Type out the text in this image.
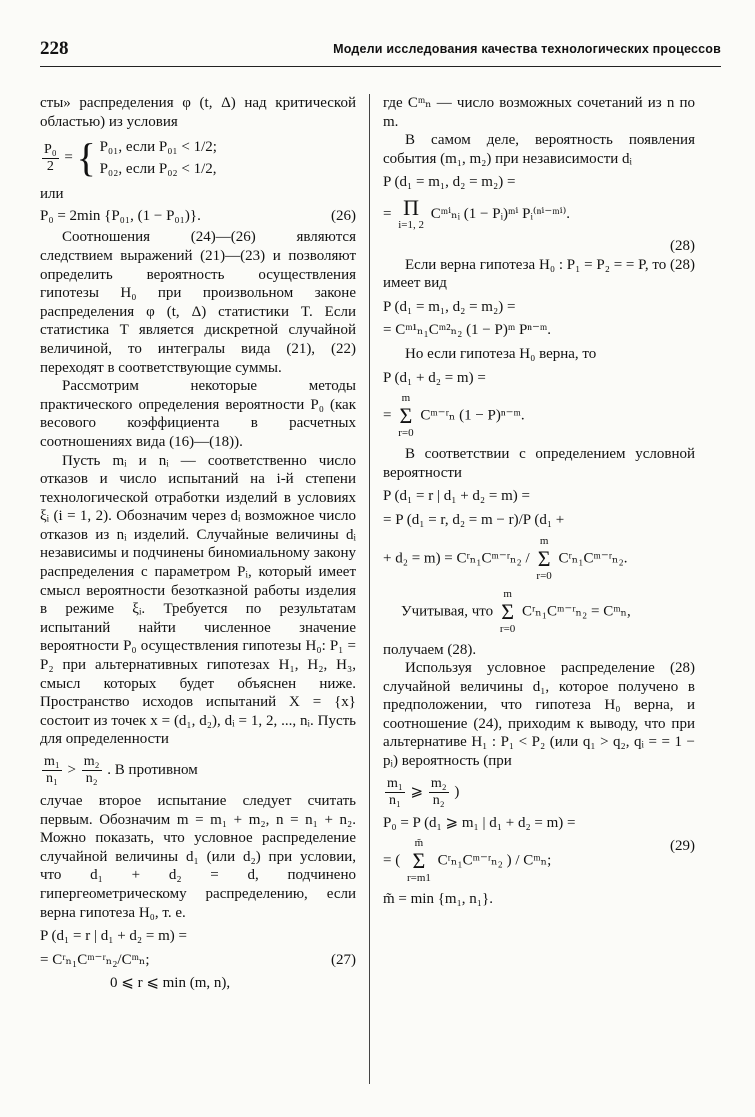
228	Модели исследования качества технологических процессов

сты» распределения φ (t, Δ) над критической областью) из условия

$\frac{\text{P₀}}{2}$ = { P₀₁, если P₀₁ < 1/2;
P₀₂, если P₀₂ < 1/2,

или

P₀ = 2min {P₀₁, (1 − P₀₁)}.	(26)

Соотношения (24)—(26) являются следствием выражений (21)—(23) и позволяют определить вероятность осуществления гипотезы H₀ при произвольном законе распределения φ (t, Δ) статистики T. Если статистика T является дискретной случайной величиной, то интегралы вида (21), (22) переходят в соответствующие суммы.

Рассмотрим некоторые методы практического определения вероятности P₀ (как весового коэффициента в расчетных соотношениях вида (16)—(18)).

Пусть mᵢ и nᵢ — соответственно число отказов и число испытаний на i-й степени технологической отработки изделий в условиях ξᵢ (i = 1, 2). Обозначим через dᵢ возможное число отказов из nᵢ изделий. Случайные величины dᵢ независимы и подчинены биномиальному закону распределения с параметром Pᵢ, который имеет смысл вероятности безотказной работы изделия в режиме ξᵢ. Требуется по результатам испытаний найти численное значение вероятности P₀ осуществления гипотезы H₀: P₁ = P₂ при альтернативных гипотезах H₁, H₂, H₃, смысл которых будет объяснен ниже. Пространство исходов испытаний X = {x} состоит из точек x = (d₁, d₂), dᵢ = 1, 2, ..., nᵢ. Пусть для определенности

$\frac{\text{m₁}}{\text{n₁}} > \frac{\text{m₂}}{\text{n₂}}$ . В противном

случае второе испытание следует считать первым. Обозначим m = m₁ + m₂, n = n₁ + n₂. Можно показать, что условное распределение случайной величины d₁ (или d₂) при условии, что d₁ + d₂ = d, подчинено гипергеометрическому распределению, если верна гипотеза H₀, т. е.

P (d₁ = r | d₁ + d₂ = m) =
= Cʳₙ₁Cᵐ⁻ʳₙ₂/Cᵐₙ;	(27)
0 ⩽ r ⩽ min (m, n),

где Cᵐₙ — число возможных сочетаний из n по m.

В самом деле, вероятность появления события (m₁, m₂) при независимости dᵢ

P (d₁ = m₁, d₂ = m₂) =
= Π
i=1, 2
Cᵐⁱₙᵢ (1 − Pᵢ)ᵐⁱ Pᵢ⁽ⁿⁱ⁻ᵐⁱ⁾.
(28)

Если верна гипотеза H₀ : P₁ = P₂ = = P, то (28) имеет вид

P (d₁ = m₁, d₂ = m₂) =
= Cᵐ¹ₙ₁Cᵐ²ₙ₂ (1 − P)ᵐ Pⁿ⁻ᵐ.

Но если гипотеза H₀ верна, то

P (d₁ + d₂ = m) =
=
m
Σ
r=0
Cᵐ⁻ʳₙ (1 − P)ⁿ⁻ᵐ.

В соответствии с определением условной вероятности

P (d₁ = r | d₁ + d₂ = m) =
= P (d₁ = r, d₂ = m − r)/P (d₁ +
+ d₂ = m) = Cʳₙ₁Cᵐ⁻ʳₙ₂ /
m
Σ
r=0
Cʳₙ₁Cᵐ⁻ʳₙ₂.
Учитывая, что
m
Σ
r=0
Cʳₙ₁Cᵐ⁻ʳₙ₂ = Cᵐₙ,

получаем (28).

Используя условное распределение (28) случайной величины d₁, которое получено в предположении, что гипотеза H₀ верна, и соотношение (24), приходим к выводу, что при альтернативе H₁ : P₁ < P₂ (или q₁ > q₂, qᵢ = = 1 − pᵢ) вероятность (при

$\frac{\text{m₁}}{\text{n₁}}$ ⩾ $\frac{\text{m₂}}{\text{n₂}}$ )
P₀ = P (d₁ ⩾ m₁ | d₁ + d₂ = m) =
= (
m̃
Σ
r=m1
Cʳₙ₁Cᵐ⁻ʳₙ₂ ) / Cᵐₙ;
(29)
m̃ = min {m₁, n₁}.
